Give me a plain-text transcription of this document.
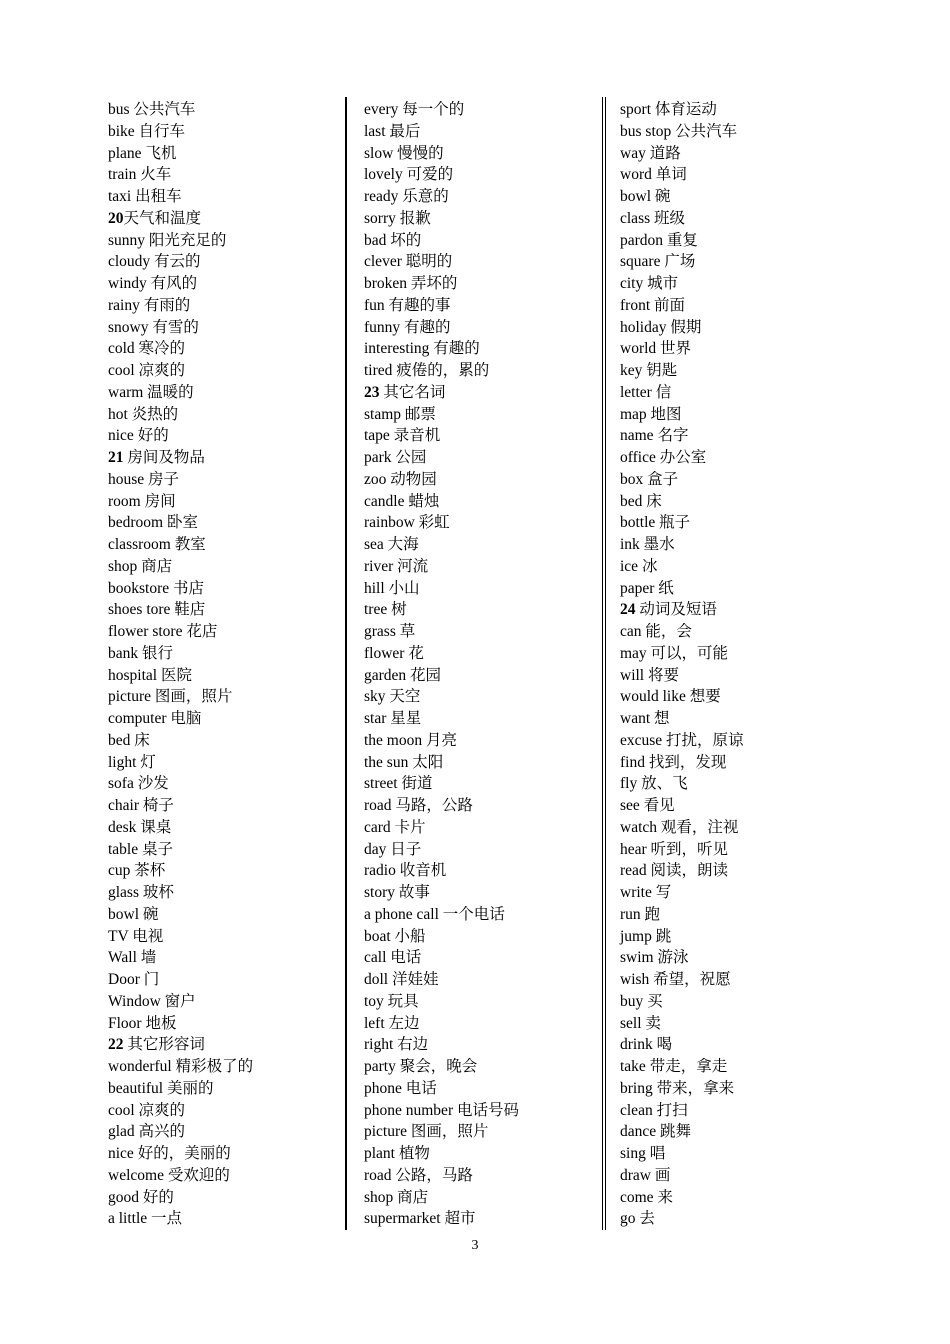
bus 公共汽车
bike 自行车
plane 飞机
train 火车
taxi 出租车
20天气和温度
sunny 阳光充足的
cloudy 有云的
windy 有风的
rainy 有雨的
snowy 有雪的
cold 寒冷的
cool 凉爽的
warm 温暖的
hot 炎热的
nice 好的
21 房间及物品
house 房子
room 房间
bedroom 卧室
classroom 教室
shop 商店
bookstore 书店
shoes tore 鞋店
flower store 花店
bank 银行
hospital 医院
picture 图画，照片
computer 电脑
bed 床
light 灯
sofa 沙发
chair 椅子
desk 课桌
table 桌子
cup 茶杯
glass 玻杯
bowl 碗
TV 电视
Wall 墙
Door 门
Window 窗户
Floor 地板
22 其它形容词
wonderful 精彩极了的
beautiful 美丽的
cool 凉爽的
glad 高兴的
nice 好的，美丽的
welcome 受欢迎的
good 好的
a little 一点
every 每一个的
last 最后
slow 慢慢的
lovely 可爱的
ready 乐意的
sorry 报歉
bad 坏的
clever 聪明的
broken 弄坏的
fun 有趣的事
funny 有趣的
interesting 有趣的
tired 疲倦的，累的
23 其它名词
stamp 邮票
tape 录音机
park 公园
zoo 动物园
candle 蜡烛
rainbow 彩虹
sea 大海
river 河流
hill 小山
tree 树
grass 草
flower 花
garden 花园
sky 天空
star 星星
the moon 月亮
the sun 太阳
street 街道
road 马路，公路
card 卡片
day 日子
radio 收音机
story 故事
a phone call 一个电话
boat 小船
call 电话
doll 洋娃娃
toy 玩具
left 左边
right 右边
party 聚会，晚会
phone 电话
phone number 电话号码
picture 图画，照片
plant 植物
road 公路，马路
shop 商店
supermarket 超市
sport 体育运动
bus stop 公共汽车
way 道路
word 单词
bowl 碗
class 班级
pardon 重复
square 广场
city 城市
front 前面
holiday 假期
world 世界
key 钥匙
letter 信
map 地图
name 名字
office 办公室
box 盒子
bed 床
bottle 瓶子
ink 墨水
ice 冰
paper 纸
24 动词及短语
can 能，会
may 可以，可能
will 将要
would like 想要
want 想
excuse 打扰，原谅
find 找到，发现
fly 放、飞
see 看见
watch 观看，注视
hear 听到，听见
read 阅读，朗读
write 写
run 跑
jump 跳
swim 游泳
wish 希望，祝愿
buy 买
sell 卖
drink 喝
take 带走，拿走
bring 带来，拿来
clean 打扫
dance 跳舞
sing 唱
draw 画
come 来
go 去
3
